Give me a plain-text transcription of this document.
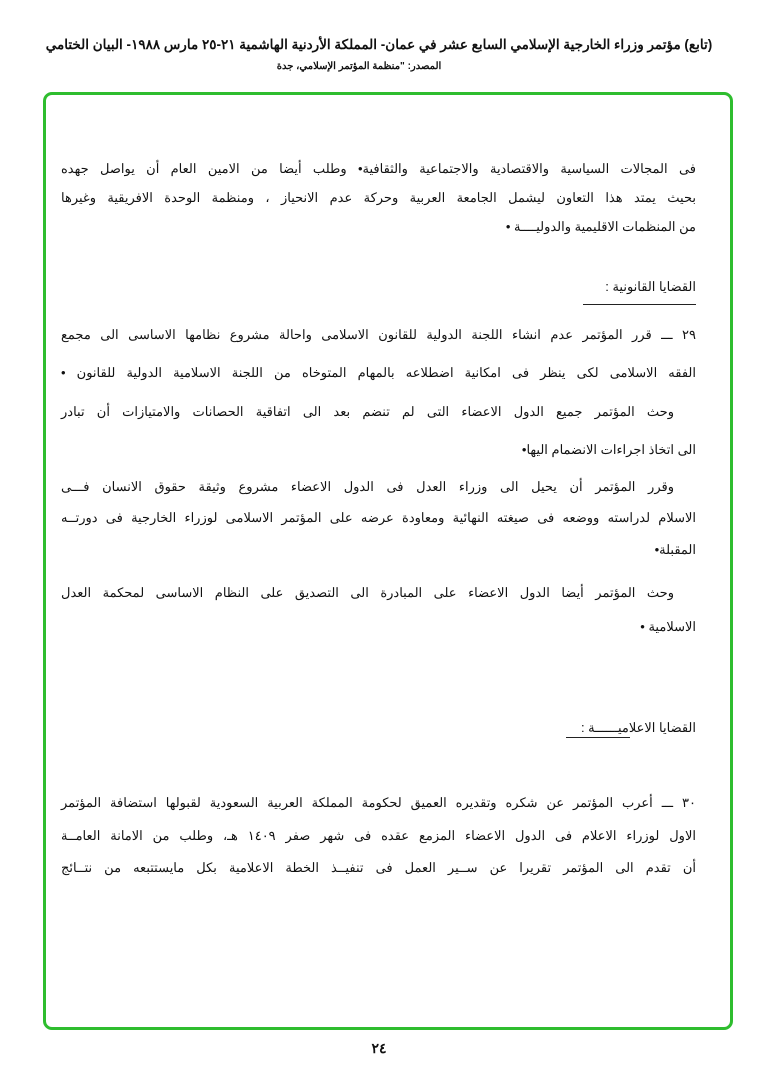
(تابع) مؤتمر وزراء الخارجية الإسلامي السابع عشر في عمان- المملكة الأردنية الهاشمية ٢١-٢٥ مارس ١٩٨٨- البيان الختامي
المصدر: "منظمة المؤتمر الإسلامي، جدة
فى المجالات السياسية والاقتصادية والاجتماعية والثقافية• وطلب أيضا من الامين العام أن يواصل جهده
بحيث يمتد هذا التعاون ليشمل الجامعة العربية وحركة عدم الانحياز ، ومنظمة الوحدة الافريقية وغيرها
من المنظمات الاقليمية والدوليــــة •
القضايا القانونية :
٢٩ ـــ قرر المؤتمر عدم انشاء اللجنة الدولية للقانون الاسلامى واحالة مشروع نظامها الاساسى الى مجمع
الفقه الاسلامى لكى ينظر فى امكانية اضطلاعه بالمهام المتوخاه من اللجنة الاسلامية الدولية للقانون •
وحث المؤتمر جميع الدول الاعضاء التى لم تنضم بعد الى اتفاقية الحصانات والامتيازات أن تبادر
الى اتخاذ اجراءات الانضمام اليها•
وقرر المؤتمر أن يحيل الى وزراء العدل فى الدول الاعضاء مشروع وثيقة حقوق الانسان فـــى
الاسلام لدراسته ووضعه فى صيغته النهائية ومعاودة عرضه على المؤتمر الاسلامى لوزراء الخارجية فى دورتــه
المقبلة•
وحث المؤتمر أيضا الدول الاعضاء على المبادرة الى التصديق على النظام الاساسى لمحكمة العدل
الاسلامية •
القضايا الاعلاميــــــة :
٣٠ ـــ أعرب المؤتمر عن شكره وتقديره العميق لحكومة المملكة العربية السعودية لقبولها استضافة المؤتمر
الاول لوزراء الاعلام فى الدول الاعضاء المزمع عقده فى شهر صفر ١٤٠٩ هـ، وطلب من الامانة العامــة
أن تقدم الى المؤتمر تقريرا عن ســير العمل فى تنفيــذ الخطة الاعلامية بكل مايستتبعه من نتــائج
٢٤
